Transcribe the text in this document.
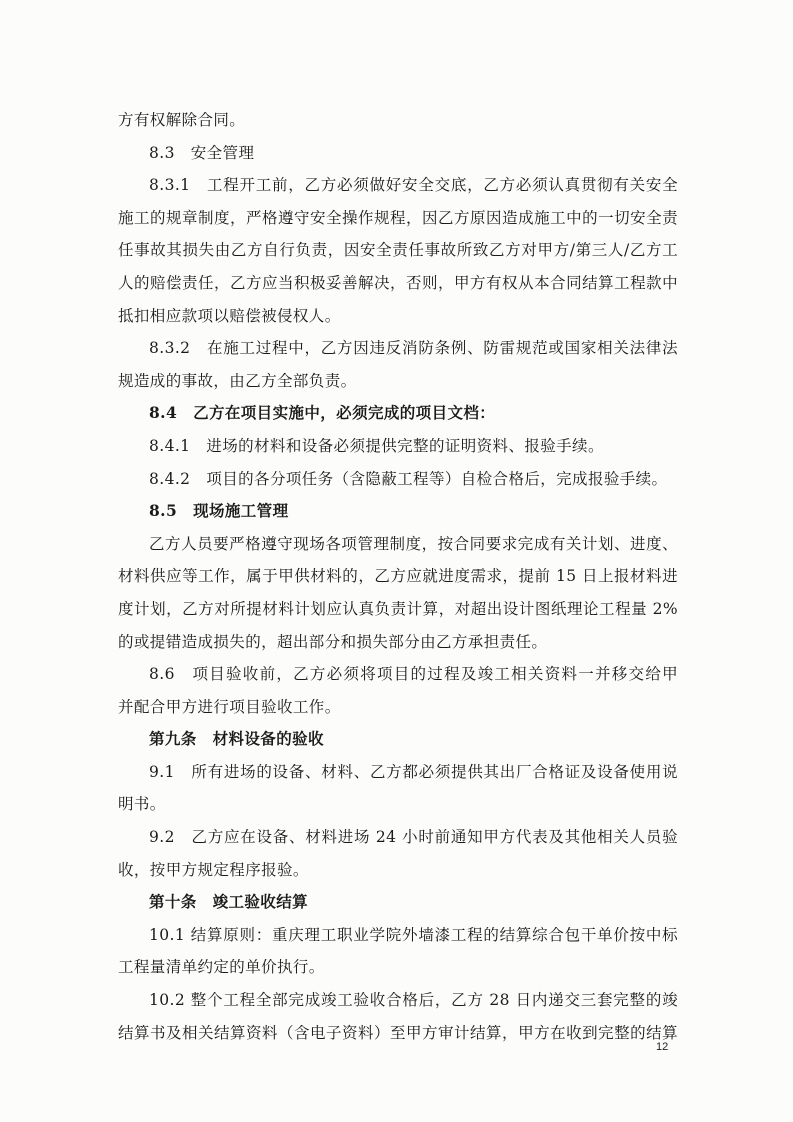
方有权解除合同。
8.3　安全管理
8.3.1　工程开工前，乙方必须做好安全交底，乙方必须认真贯彻有关安全
施工的规章制度，严格遵守安全操作规程，因乙方原因造成施工中的一切安全责
任事故其损失由乙方自行负责，因安全责任事故所致乙方对甲方/第三人/乙方工
人的赔偿责任，乙方应当积极妥善解决，否则，甲方有权从本合同结算工程款中
抵扣相应款项以赔偿被侵权人。
8.3.2　在施工过程中，乙方因违反消防条例、防雷规范或国家相关法律法
规造成的事故，由乙方全部负责。
8.4　乙方在项目实施中，必须完成的项目文档：
8.4.1　进场的材料和设备必须提供完整的证明资料、报验手续。
8.4.2　项目的各分项任务（含隐蔽工程等）自检合格后，完成报验手续。
8.5　现场施工管理
乙方人员要严格遵守现场各项管理制度，按合同要求完成有关计划、进度、
材料供应等工作，属于甲供材料的，乙方应就进度需求，提前 15 日上报材料进
度计划，乙方对所提材料计划应认真负责计算，对超出设计图纸理论工程量 2%
的或提错造成损失的，超出部分和损失部分由乙方承担责任。
8.6　项目验收前，乙方必须将项目的过程及竣工相关资料一并移交给甲
并配合甲方进行项目验收工作。
第九条　材料设备的验收
9.1　所有进场的设备、材料、乙方都必须提供其出厂合格证及设备使用说
明书。
9.2　乙方应在设备、材料进场 24 小时前通知甲方代表及其他相关人员验
收，按甲方规定程序报验。
第十条　竣工验收结算
10.1 结算原则：重庆理工职业学院外墙漆工程的结算综合包干单价按中标
工程量清单约定的单价执行。
10.2 整个工程全部完成竣工验收合格后，乙方 28 日内递交三套完整的竣
结算书及相关结算资料（含电子资料）至甲方审计结算，甲方在收到完整的结算
12
